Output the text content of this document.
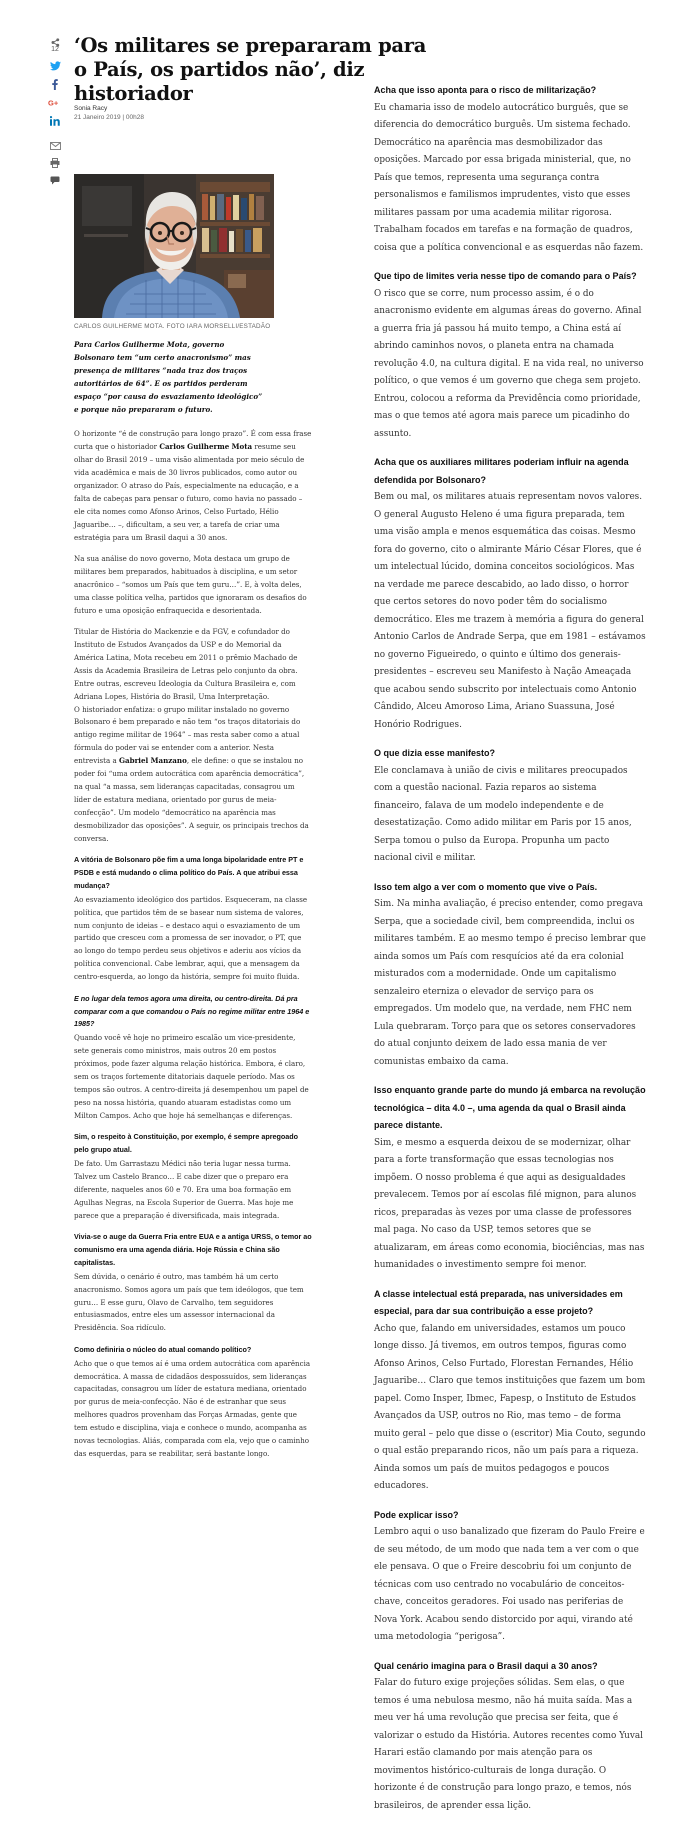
12
G+
‘Os militares se prepararam para o País, os partidos não’, diz historiador
Sonia Racy
21 Janeiro 2019 | 00h28
CARLOS GUILHERME MOTA. FOTO IARA MORSELLI/ESTADÃO

Para Carlos Guilherme Mota, governo Bolsonaro tem “um certo anacronismo” mas presença de militares “nada traz dos traços autoritários de 64”. E os partidos perderam espaço “por causa do esvaziamento ideológico” e porque não prepararam o futuro.

O horizonte “é de construção para longo prazo”. É com essa frase curta que o historiador Carlos Guilherme Mota resume seu olhar do Brasil 2019 – uma visão alimentada por meio século de vida acadêmica e mais de 30 livros publicados, como autor ou organizador. O atraso do País, especialmente na educação, e a falta de cabeças para pensar o futuro, como havia no passado – ele cita nomes como Afonso Arinos, Celso Furtado, Hélio Jaguaribe… –, dificultam, a seu ver, a tarefa de criar uma estratégia para um Brasil daqui a 30 anos.

Na sua análise do novo governo, Mota destaca um grupo de militares bem preparados, habituados à disciplina, e um setor anacrônico – “somos um País que tem guru…”. E, à volta deles, uma classe política velha, partidos que ignoraram os desafios do futuro e uma oposição enfraquecida e desorientada.

Titular de História do Mackenzie e da FGV, e cofundador do Instituto de Estudos Avançados da USP e do Memorial da América Latina, Mota recebeu em 2011 o prêmio Machado de Assis da Academia Brasileira de Letras pelo conjunto da obra. Entre outras, escreveu Ideologia da Cultura Brasileira e, com Adriana Lopes, História do Brasil, Uma Interpretação.

O historiador enfatiza: o grupo militar instalado no governo Bolsonaro é bem preparado e não tem “os traços ditatoriais do antigo regime militar de 1964” – mas resta saber como a atual fórmula do poder vai se entender com a anterior. Nesta entrevista a Gabriel Manzano, ele define: o que se instalou no poder foi “uma ordem autocrática com aparência democrática”, na qual “a massa, sem lideranças capacitadas, consagrou um líder de estatura mediana, orientado por gurus de meia-confecção”. Um modelo “democrático na aparência mas desmobilizador das oposições”. A seguir, os principais trechos da conversa.

A vitória de Bolsonaro põe fim a uma longa bipolaridade entre PT e PSDB e está mudando o clima político do País. A que atribui essa mudança?

Ao esvaziamento ideológico dos partidos. Esqueceram, na classe política, que partidos têm de se basear num sistema de valores, num conjunto de ideias – e destaco aqui o esvaziamento de um partido que cresceu com a promessa de ser inovador, o PT, que ao longo do tempo perdeu seus objetivos e aderiu aos vícios da política convencional. Cabe lembrar, aqui, que a mensagem da centro-esquerda, ao longo da história, sempre foi muito fluida.

E no lugar dela temos agora uma direita, ou centro-direita. Dá pra comparar com a que comandou o País no regime militar entre 1964 e 1985?

Quando você vê hoje no primeiro escalão um vice-presidente, sete generais como ministros, mais outros 20 em postos próximos, pode fazer alguma relação histórica. Embora, é claro, sem os traços fortemente ditatoriais daquele período. Mas os tempos são outros. A centro-direita já desempenhou um papel de peso na nossa história, quando atuaram estadistas como um Milton Campos. Acho que hoje há semelhanças e diferenças.

Sim, o respeito à Constituição, por exemplo, é sempre apregoado pelo grupo atual.

De fato. Um Garrastazu Médici não teria lugar nessa turma. Talvez um Castelo Branco… E cabe dizer que o preparo era diferente, naqueles anos 60 e 70. Era uma boa formação em Agulhas Negras, na Escola Superior de Guerra. Mas hoje me parece que a preparação é diversificada, mais integrada.

Vivia-se o auge da Guerra Fria entre EUA e a antiga URSS, o temor ao comunismo era uma agenda diária. Hoje Rússia e China são capitalistas.

Sem dúvida, o cenário é outro, mas também há um certo anacronismo. Somos agora um país que tem ideólogos, que tem guru… E esse guru, Olavo de Carvalho, tem seguidores entusiasmados, entre eles um assessor internacional da Presidência. Soa ridículo.

Como definiria o núcleo do atual comando político?

Acho que o que temos aí é uma ordem autocrática com aparência democrática. A massa de cidadãos despossuídos, sem lideranças capacitadas, consagrou um líder de estatura mediana, orientado por gurus de meia-confecção. Não é de estranhar que seus melhores quadros provenham das Forças Armadas, gente que tem estudo e disciplina, viaja e conhece o mundo, acompanha as novas tecnologias. Aliás, comparada com ela, vejo que o caminho das esquerdas, para se reabilitar, será bastante longo.

Acha que isso aponta para o risco de militarização?

Eu chamaria isso de modelo autocrático burguês, que se diferencia do democrático burguês. Um sistema fechado. Democrático na aparência mas desmobilizador das oposições. Marcado por essa brigada ministerial, que, no País que temos, representa uma segurança contra personalismos e familismos imprudentes, visto que esses militares passam por uma academia militar rigorosa. Trabalham focados em tarefas e na formação de quadros, coisa que a política convencional e as esquerdas não fazem.

Que tipo de limites veria nesse tipo de comando para o País?

O risco que se corre, num processo assim, é o do anacronismo evidente em algumas áreas do governo. Afinal a guerra fria já passou há muito tempo, a China está aí abrindo caminhos novos, o planeta entra na chamada revolução 4.0, na cultura digital. E na vida real, no universo político, o que vemos é um governo que chega sem projeto. Entrou, colocou a reforma da Previdência como prioridade, mas o que temos até agora mais parece um picadinho do assunto.

Acha que os auxiliares militares poderiam influir na agenda defendida por Bolsonaro?

Bem ou mal, os militares atuais representam novos valores. O general Augusto Heleno é uma figura preparada, tem uma visão ampla e menos esquemática das coisas. Mesmo fora do governo, cito o almirante Mário César Flores, que é um intelectual lúcido, domina conceitos sociológicos. Mas na verdade me parece descabido, ao lado disso, o horror que certos setores do novo poder têm do socialismo democrático. Eles me trazem à memória a figura do general Antonio Carlos de Andrade Serpa, que em 1981 – estávamos no governo Figueiredo, o quinto e último dos generais-presidentes – escreveu seu Manifesto à Nação Ameaçada que acabou sendo subscrito por intelectuais como Antonio Cândido, Alceu Amoroso Lima, Ariano Suassuna, José Honório Rodrigues.

O que dizia esse manifesto?

Ele conclamava à união de civis e militares preocupados com a questão nacional. Fazia reparos ao sistema financeiro, falava de um modelo independente e de desestatização. Como adido militar em Paris por 15 anos, Serpa tomou o pulso da Europa. Propunha um pacto nacional civil e militar.

Isso tem algo a ver com o momento que vive o País.

Sim. Na minha avaliação, é preciso entender, como pregava Serpa, que a sociedade civil, bem compreendida, inclui os militares também. E ao mesmo tempo é preciso lembrar que ainda somos um País com resquícios até da era colonial misturados com a modernidade. Onde um capitalismo senzaleiro eterniza o elevador de serviço para os empregados. Um modelo que, na verdade, nem FHC nem Lula quebraram. Torço para que os setores conservadores do atual conjunto deixem de lado essa mania de ver comunistas embaixo da cama.

Isso enquanto grande parte do mundo já embarca na revolução tecnológica – dita 4.0 –, uma agenda da qual o Brasil ainda parece distante.

Sim, e mesmo a esquerda deixou de se modernizar, olhar para a forte transformação que essas tecnologias nos impõem. O nosso problema é que aqui as desigualdades prevalecem. Temos por aí escolas filé mignon, para alunos ricos, preparadas às vezes por uma classe de professores mal paga. No caso da USP, temos setores que se atualizaram, em áreas como economia, biociências, mas nas humanidades o investimento sempre foi menor.

A classe intelectual está preparada, nas universidades em especial, para dar sua contribuição a esse projeto?

Acho que, falando em universidades, estamos um pouco longe disso. Já tivemos, em outros tempos, figuras como Afonso Arinos, Celso Furtado, Florestan Fernandes, Hélio Jaguaribe… Claro que temos instituições que fazem um bom papel. Como Insper, Ibmec, Fapesp, o Instituto de Estudos Avançados da USP, outros no Rio, mas temo – de forma muito geral – pelo que disse o (escritor) Mia Couto, segundo o qual estão preparando ricos, não um país para a riqueza. Ainda somos um país de muitos pedagogos e poucos educadores.

Pode explicar isso?

Lembro aqui o uso banalizado que fizeram do Paulo Freire e de seu método, de um modo que nada tem a ver com o que ele pensava. O que o Freire descobriu foi um conjunto de técnicas com uso centrado no vocabulário de conceitos-chave, conceitos geradores. Foi usado nas periferias de Nova York. Acabou sendo distorcido por aqui, virando até uma metodologia “perigosa”.

Qual cenário imagina para o Brasil daqui a 30 anos?

Falar do futuro exige projeções sólidas. Sem elas, o que temos é uma nebulosa mesmo, não há muita saída. Mas a meu ver há uma revolução que precisa ser feita, que é valorizar o estudo da História. Autores recentes como Yuval Harari estão clamando por mais atenção para os movimentos histórico-culturais de longa duração. O horizonte é de construção para longo prazo, e temos, nós brasileiros, de aprender essa lição.
